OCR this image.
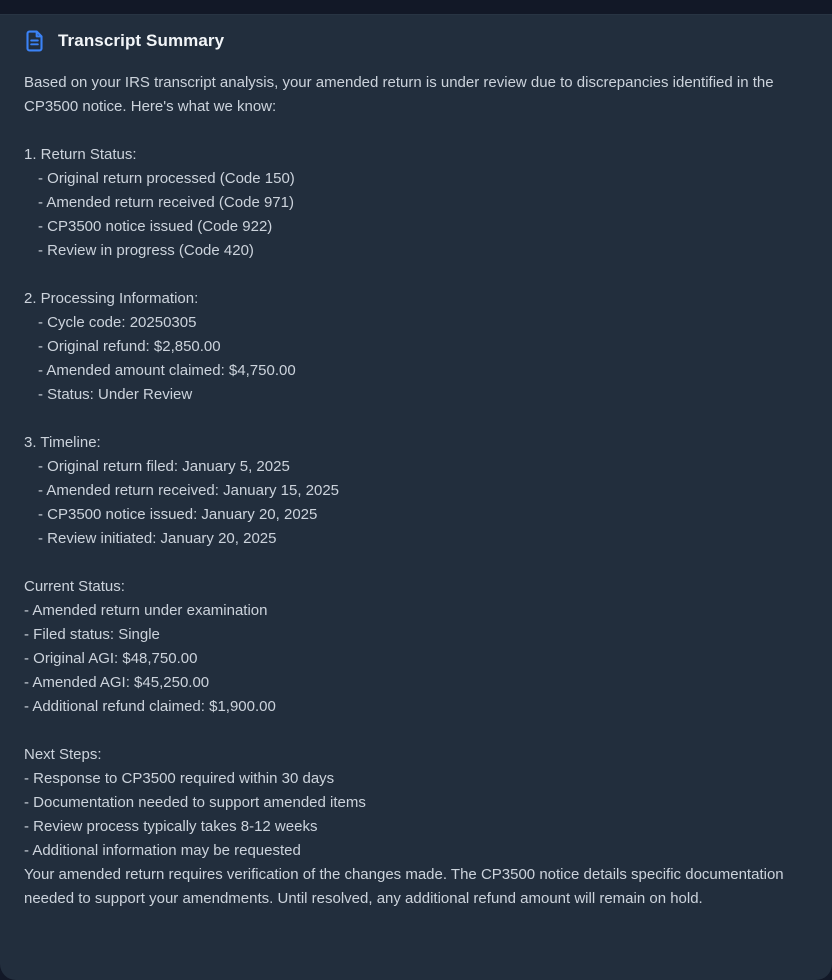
Transcript Summary

Based on your IRS transcript analysis, your amended return is under review due to discrepancies identified in the CP3500 notice. Here's what we know:

1. Return Status:
- Original return processed (Code 150)
- Amended return received (Code 971)
- CP3500 notice issued (Code 922)
- Review in progress (Code 420)
2. Processing Information:
- Cycle code: 20250305
- Original refund: $2,850.00
- Amended amount claimed: $4,750.00
- Status: Under Review
3. Timeline:
- Original return filed: January 5, 2025
- Amended return received: January 15, 2025
- CP3500 notice issued: January 20, 2025
- Review initiated: January 20, 2025
Current Status:
- Amended return under examination
- Filed status: Single
- Original AGI: $48,750.00
- Amended AGI: $45,250.00
- Additional refund claimed: $1,900.00
Next Steps:
- Response to CP3500 required within 30 days
- Documentation needed to support amended items
- Review process typically takes 8-12 weeks
- Additional information may be requested

Your amended return requires verification of the changes made. The CP3500 notice details specific documentation needed to support your amendments. Until resolved, any additional refund amount will remain on hold.
